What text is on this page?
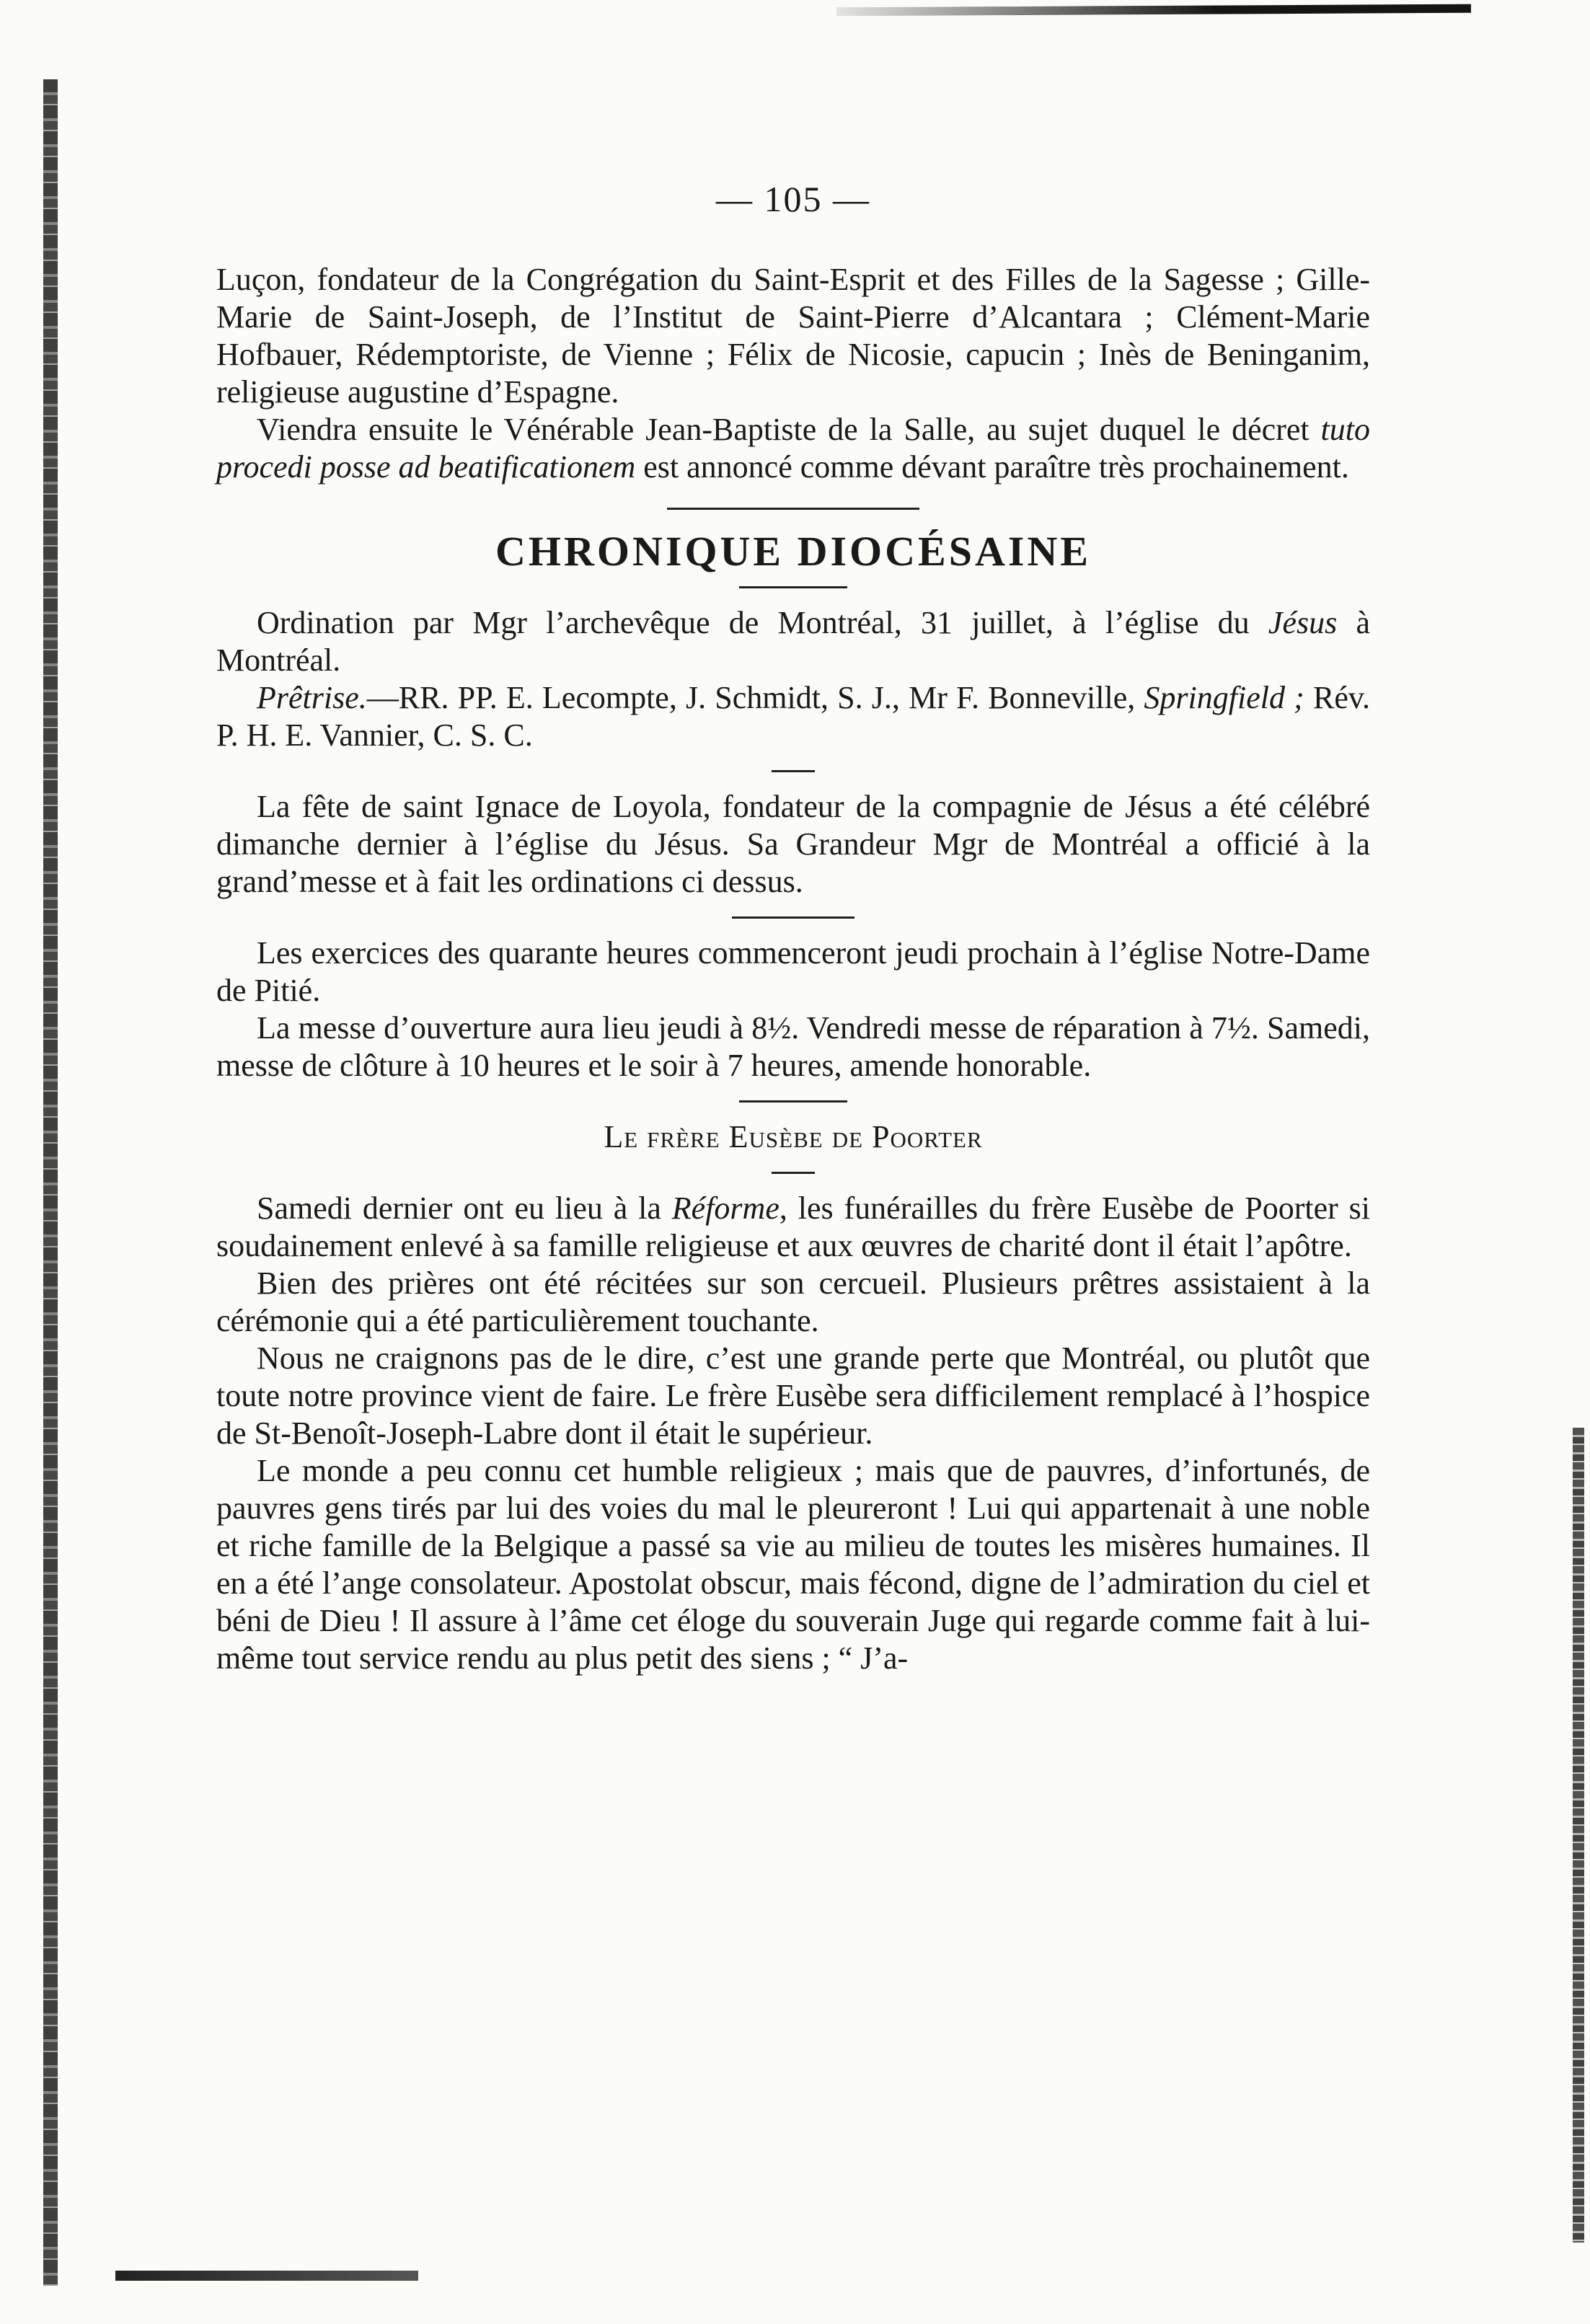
— 105 —

Luçon, fondateur de la Congrégation du Saint-Esprit et des Filles de la Sagesse ; Gille-Marie de Saint-Joseph, de l’Institut de Saint-Pierre d’Alcantara ; Clément-Marie Hofbauer, Rédemptoriste, de Vienne ; Félix de Nicosie, capucin ; Inès de Beninganim, religieuse augustine d’Espagne.

Viendra ensuite le Vénérable Jean-Baptiste de la Salle, au sujet duquel le décret tuto procedi posse ad beatificationem est annoncé comme dévant paraître très prochainement.

CHRONIQUE DIOCÉSAINE

Ordination par Mgr l’archevêque de Montréal, 31 juillet, à l’église du Jésus à Montréal.

Prêtrise.—RR. PP. E. Lecompte, J. Schmidt, S. J., Mr F. Bonneville, Springfield ; Rév. P. H. E. Vannier, C. S. C.

La fête de saint Ignace de Loyola, fondateur de la compagnie de Jésus a été célébré dimanche dernier à l’église du Jésus. Sa Grandeur Mgr de Montréal a officié à la grand’messe et à fait les ordinations ci dessus.

Les exercices des quarante heures commenceront jeudi prochain à l’église Notre-Dame de Pitié.

La messe d’ouverture aura lieu jeudi à 8½. Vendredi messe de réparation à 7½. Samedi, messe de clôture à 10 heures et le soir à 7 heures, amende honorable.

Le frère Eusèbe de Poorter

Samedi dernier ont eu lieu à la Réforme, les funérailles du frère Eusèbe de Poorter si soudainement enlevé à sa famille religieuse et aux œuvres de charité dont il était l’apôtre.

Bien des prières ont été récitées sur son cercueil. Plusieurs prêtres assistaient à la cérémonie qui a été particulièrement touchante.

Nous ne craignons pas de le dire, c’est une grande perte que Montréal, ou plutôt que toute notre province vient de faire. Le frère Eusèbe sera difficilement remplacé à l’hospice de St-Benoît-Joseph-Labre dont il était le supérieur.

Le monde a peu connu cet humble religieux ; mais que de pauvres, d’infortunés, de pauvres gens tirés par lui des voies du mal le pleureront ! Lui qui appartenait à une noble et riche famille de la Belgique a passé sa vie au milieu de toutes les misères humaines. Il en a été l’ange consolateur. Apostolat obscur, mais fécond, digne de l’admiration du ciel et béni de Dieu ! Il assure à l’âme cet éloge du souverain Juge qui regarde comme fait à lui-même tout service rendu au plus petit des siens ; “ J’a-
